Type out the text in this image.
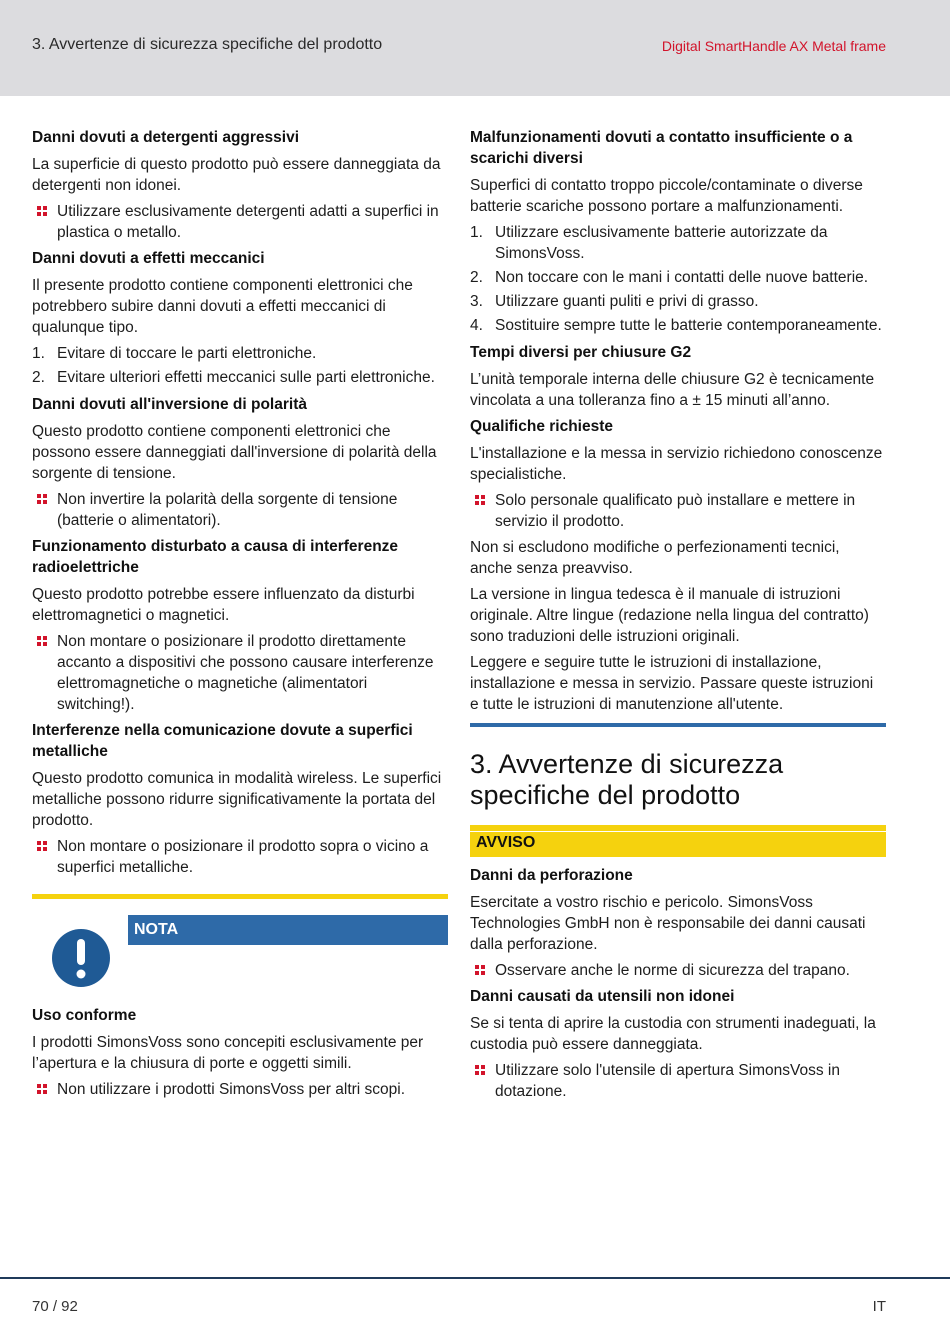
3. Avvertenze di sicurezza specifiche del prodotto	Digital SmartHandle AX Metal frame
Danni dovuti a detergenti aggressivi
La superficie di questo prodotto può essere danneggiata da detergenti non idonei.
Utilizzare esclusivamente detergenti adatti a superfici in plastica o metallo.
Danni dovuti a effetti meccanici
Il presente prodotto contiene componenti elettronici che potrebbero subire danni dovuti a effetti meccanici di qualunque tipo.
1. Evitare di toccare le parti elettroniche.
2. Evitare ulteriori effetti meccanici sulle parti elettroniche.
Danni dovuti all'inversione di polarità
Questo prodotto contiene componenti elettronici che possono essere danneggiati dall'inversione di polarità della sorgente di tensione.
Non invertire la polarità della sorgente di tensione (batterie o alimentatori).
Funzionamento disturbato a causa di interferenze radioelettriche
Questo prodotto potrebbe essere influenzato da disturbi elettromagnetici o magnetici.
Non montare o posizionare il prodotto direttamente accanto a dispositivi che possono causare interferenze elettromagnetiche o magnetiche (alimentatori switching!).
Interferenze nella comunicazione dovute a superfici metalliche
Questo prodotto comunica in modalità wireless. Le superfici metalliche possono ridurre significativamente la portata del prodotto.
Non montare o posizionare il prodotto sopra o vicino a superfici metalliche.
NOTA
Uso conforme
I prodotti SimonsVoss sono concepiti esclusivamente per l’apertura e la chiusura di porte e oggetti simili.
Non utilizzare i prodotti SimonsVoss per altri scopi.
Malfunzionamenti dovuti a contatto insufficiente o a scarichi diversi
Superfici di contatto troppo piccole/contaminate o diverse batterie scariche possono portare a malfunzionamenti.
1. Utilizzare esclusivamente batterie autorizzate da SimonsVoss.
2. Non toccare con le mani i contatti delle nuove batterie.
3. Utilizzare guanti puliti e privi di grasso.
4. Sostituire sempre tutte le batterie contemporaneamente.
Tempi diversi per chiusure G2
L’unità temporale interna delle chiusure G2 è tecnicamente vincolata a una tolleranza fino a ± 15 minuti all’anno.
Qualifiche richieste
L'installazione e la messa in servizio richiedono conoscenze specialistiche.
Solo personale qualificato può installare e mettere in servizio il prodotto.
Non si escludono modifiche o perfezionamenti tecnici, anche senza preavviso.
La versione in lingua tedesca è il manuale di istruzioni originale. Altre lingue (redazione nella lingua del contratto) sono traduzioni delle istruzioni originali.
Leggere e seguire tutte le istruzioni di installazione, installazione e messa in servizio. Passare queste istruzioni e tutte le istruzioni di manutenzione all'utente.
3. Avvertenze di sicurezza specifiche del prodotto
AVVISO
Danni da perforazione
Esercitate a vostro rischio e pericolo. SimonsVoss Technologies GmbH non è responsabile dei danni causati dalla perforazione.
Osservare anche le norme di sicurezza del trapano.
Danni causati da utensili non idonei
Se si tenta di aprire la custodia con strumenti inadeguati, la custodia può essere danneggiata.
Utilizzare solo l'utensile di apertura SimonsVoss in dotazione.
70 / 92	IT
